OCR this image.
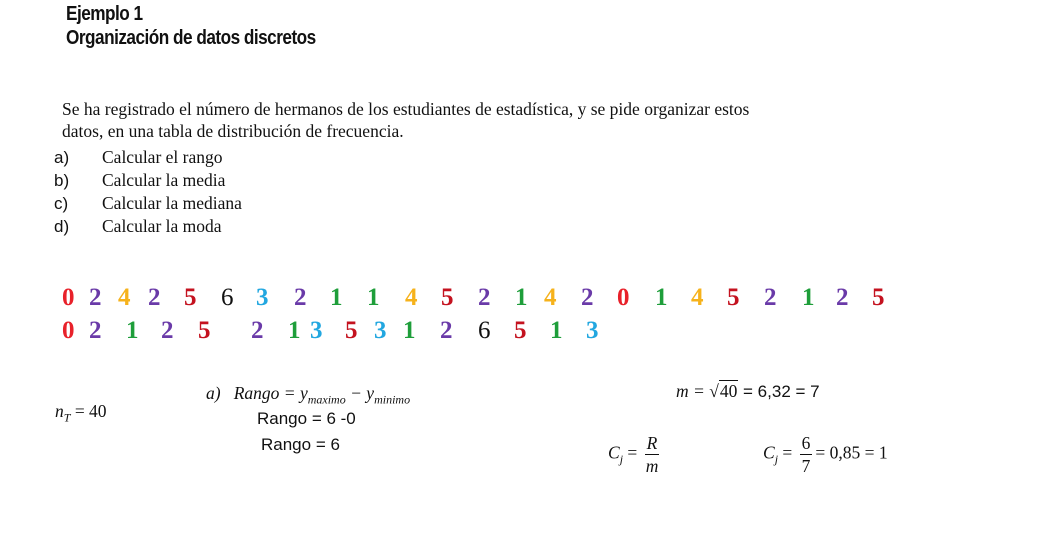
Ejemplo 1
Organización de datos discretos
Se ha registrado el número de hermanos de los estudiantes de estadística, y se pide organizar estos
datos, en una tabla de distribución de frecuencia.
a) Calcular el rango
b) Calcular la media
c) Calcular la mediana
d) Calcular la moda
0 2 4 2 5 6 3 2 1 1 4 5 2 1 4 2 0 1 4 5 2 1 2 5
0 2 1 2 5 2 1 3 5 3 1 2 6 5 1 3
$n_T = 40$
a) Rango = $y_{maximo} - y_{minimo}$
Rango = 6 -0
Rango = 6
m = √40 = 6,32 = 7
$C_j = \frac{R}{m}$	$C_j = \frac{6}{7} = 0,85 = 1$
